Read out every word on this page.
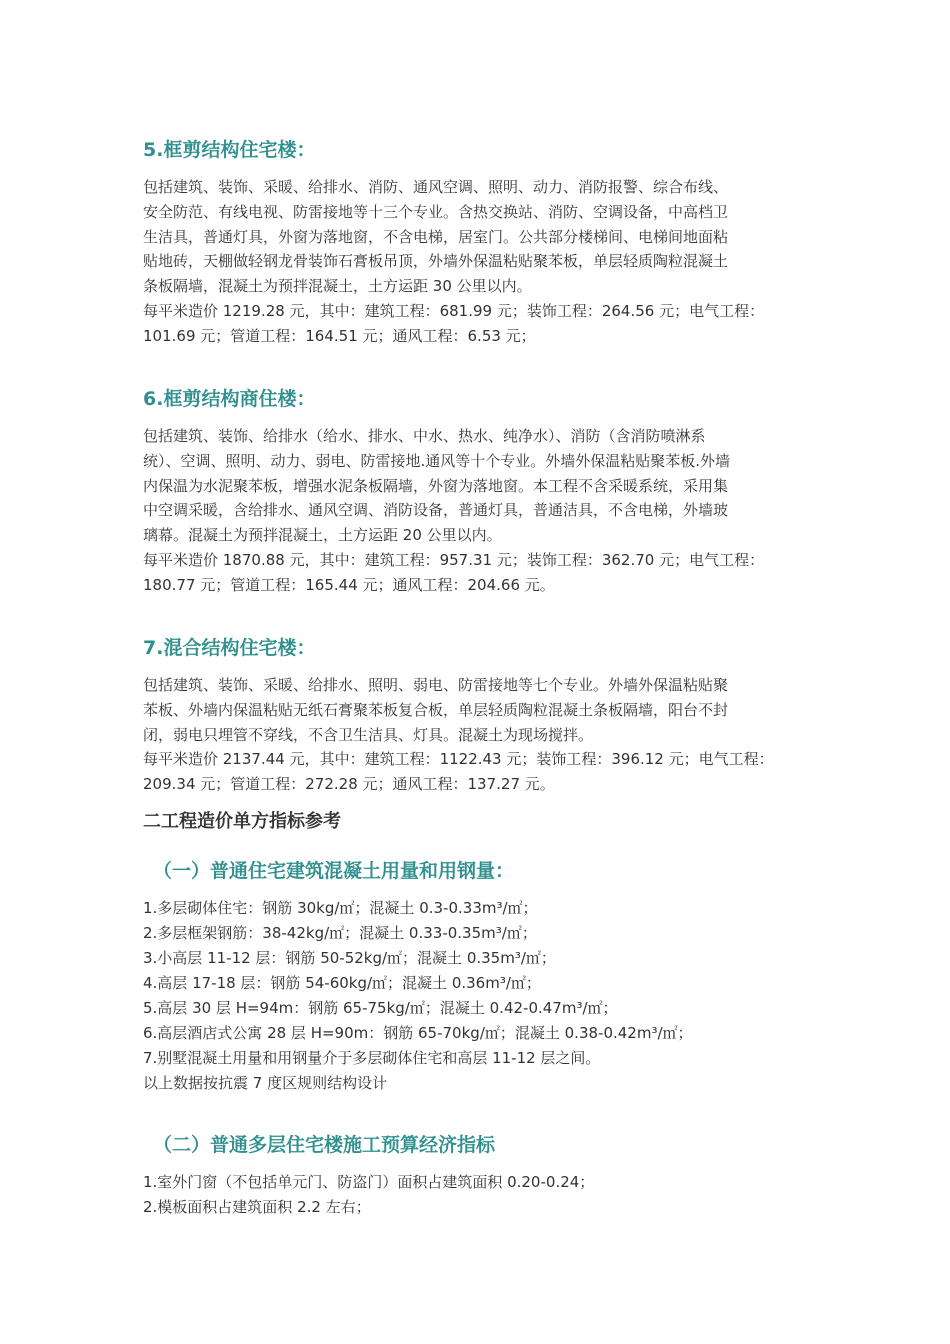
5.框剪结构住宅楼：
包括建筑、装饰、采暖、给排水、消防、通风空调、照明、动力、消防报警、综合布线、
安全防范、有线电视、防雷接地等十三个专业。含热交换站、消防、空调设备，中高档卫
生洁具，普通灯具，外窗为落地窗，不含电梯，居室门。公共部分楼梯间、电梯间地面粘
贴地砖，天棚做轻钢龙骨装饰石膏板吊顶，外墙外保温粘贴聚苯板，单层轻质陶粒混凝土
条板隔墙，混凝土为预拌混凝土，土方运距 30 公里以内。
每平米造价 1219.28 元，其中：建筑工程：681.99 元；装饰工程：264.56 元；电气工程：
101.69 元；管道工程：164.51 元；通风工程：6.53 元；
6.框剪结构商住楼：
包括建筑、装饰、给排水（给水、排水、中水、热水、纯净水）、消防（含消防喷淋系
统）、空调、照明、动力、弱电、防雷接地.通风等十个专业。外墙外保温粘贴聚苯板.外墙
内保温为水泥聚苯板，增强水泥条板隔墙，外窗为落地窗。本工程不含采暖系统，采用集
中空调采暖，含给排水、通风空调、消防设备，普通灯具，普通洁具，不含电梯，外墙玻
璃幕。混凝土为预拌混凝土，土方运距 20 公里以内。
每平米造价 1870.88 元，其中：建筑工程：957.31 元；装饰工程：362.70 元；电气工程：
180.77 元；管道工程：165.44 元；通风工程：204.66 元。
7.混合结构住宅楼：
包括建筑、装饰、采暖、给排水、照明、弱电、防雷接地等七个专业。外墙外保温粘贴聚
苯板、外墙内保温粘贴无纸石膏聚苯板复合板，单层轻质陶粒混凝土条板隔墙，阳台不封
闭，弱电只埋管不穿线，不含卫生洁具、灯具。混凝土为现场搅拌。
每平米造价 2137.44 元，其中：建筑工程：1122.43 元；装饰工程：396.12 元；电气工程：
209.34 元；管道工程：272.28 元；通风工程：137.27 元。
二工程造价单方指标参考
（一）普通住宅建筑混凝土用量和用钢量：
1.多层砌体住宅：钢筋 30kg/㎡；混凝土 0.3-0.33m³/㎡；
2.多层框架钢筋：38-42kg/㎡；混凝土 0.33-0.35m³/㎡；
3.小高层 11-12 层：钢筋 50-52kg/㎡；混凝土 0.35m³/㎡；
4.高层 17-18 层：钢筋 54-60kg/㎡；混凝土 0.36m³/㎡；
5.高层 30 层 H=94m：钢筋 65-75kg/㎡；混凝土 0.42-0.47m³/㎡；
6.高层酒店式公寓 28 层 H=90m：钢筋 65-70kg/㎡；混凝土 0.38-0.42m³/㎡；
7.别墅混凝土用量和用钢量介于多层砌体住宅和高层 11-12 层之间。
以上数据按抗震 7 度区规则结构设计
（二）普通多层住宅楼施工预算经济指标
1.室外门窗（不包括单元门、防盗门）面积占建筑面积 0.20-0.24；
2.模板面积占建筑面积 2.2 左右；
